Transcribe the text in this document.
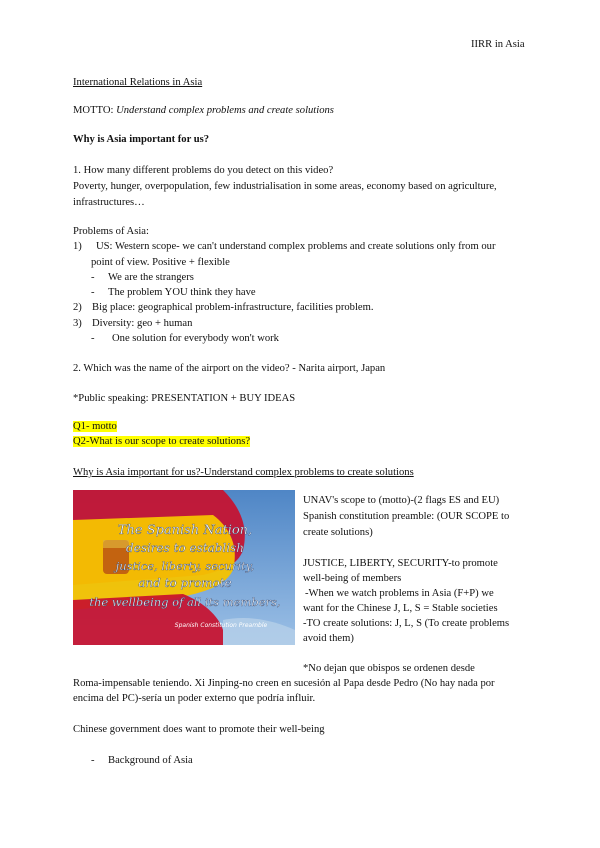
IIRR in Asia
International Relations in Asia
MOTTO: Understand complex problems and create solutions
Why is Asia important for us?
1. How many different problems do you detect on this video?
Poverty, hunger, overpopulation, few industrialisation in some areas, economy based on agriculture,
infrastructures…
Problems of Asia:
1) US: Western scope- we can't understand complex problems and create solutions only from our
point of view. Positive + flexible
- We are the strangers
- The problem YOU think they have
2) Big place: geographical problem-infrastructure, facilities problem.
3) Diversity: geo + human
- One solution for everybody won't work
2. Which was the name of the airport on the video? - Narita airport, Japan
*Public speaking: PRESENTATION + BUY IDEAS
Q1- motto
Q2-What is our scope to create solutions?
Why is Asia important for us?-Understand complex problems to create solutions
The Spanish Nation,
desires to establish
justice, liberty, security,
and to promote
the wellbeing of all its members,
Spanish Constitution Preamble
UNAV's scope to (motto)-(2 flags ES and EU)
Spanish constitution preamble: (OUR SCOPE to
create solutions)
JUSTICE, LIBERTY, SECURITY-to promote
well-being of members
-When we watch problems in Asia (F+P) we
want for the Chinese J, L, S = Stable societies
-TO create solutions: J, L, S (To create problems
avoid them)
*No dejan que obispos se ordenen desde
Roma-impensable teniendo. Xi Jinping-no creen en sucesión al Papa desde Pedro (No hay nada por
encima del PC)-sería un poder externo que podría influir.
Chinese government does want to promote their well-being
- Background of Asia
